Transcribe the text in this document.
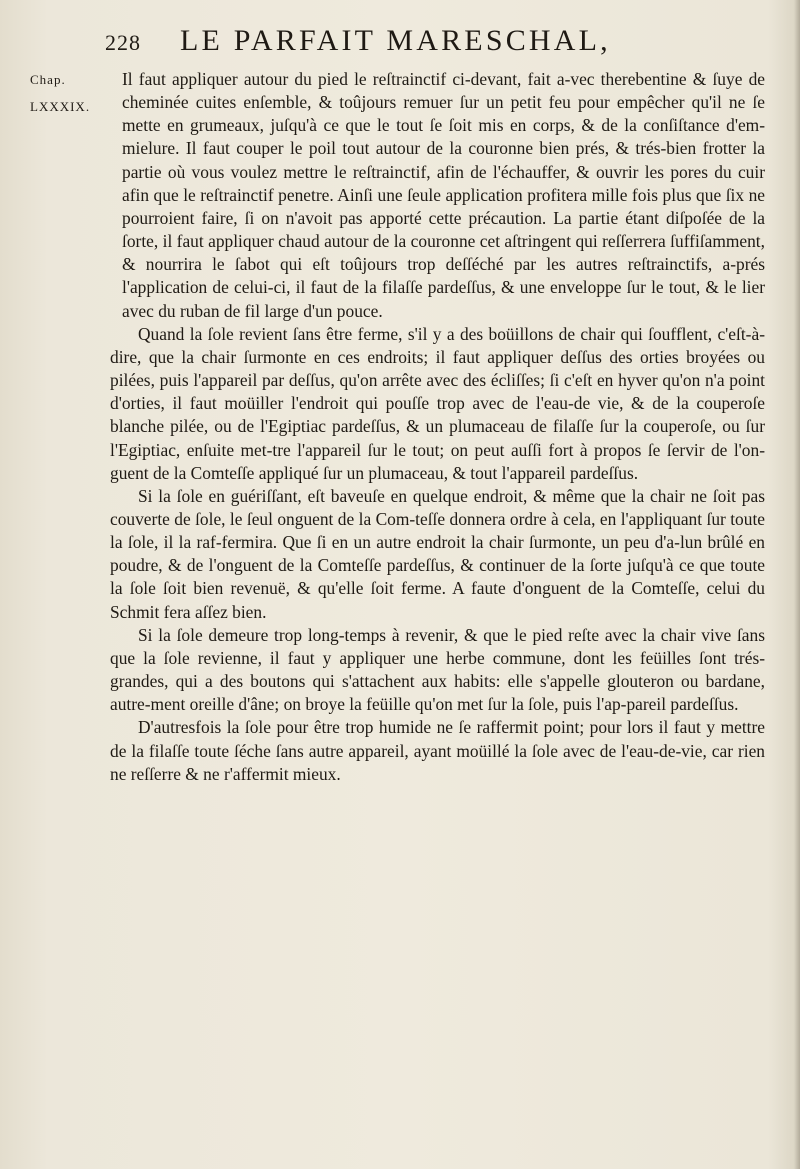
228 LE PARFAIT MARESCHAL,
Chap.
LXXXIX.

Il faut appliquer autour du pied le reſtrainctif ci-devant, fait a-vec therebentine & ſuye de cheminée cuites enſemble, & toûjours remuer ſur un petit feu pour empêcher qu'il ne ſe mette en grumeaux, juſqu'à ce que le tout ſe ſoit mis en corps, & de la conſiſtance d'em-mielure. Il faut couper le poil tout autour de la couronne bien prés, & trés-bien frotter la partie où vous voulez mettre le reſtrainctif, afin de l'échauffer, & ouvrir les pores du cuir afin que le reſtrainctif penetre. Ainſi une ſeule application profitera mille fois plus que ſix ne pourroient faire, ſi on n'avoit pas apporté cette précaution. La partie étant diſpoſée de la ſorte, il faut appliquer chaud autour de la couronne cet aſtringent qui reſſerrera ſuffiſamment, & nourrira le ſabot qui eſt toûjours trop deſſéché par les autres reſtrainctifs, a-prés l'application de celui-ci, il faut de la filaſſe pardeſſus, & une enveloppe ſur le tout, & le lier avec du ruban de fil large d'un pouce.

Quand la ſole revient ſans être ferme, s'il y a des boüillons de chair qui ſoufflent, c'eſt-à-dire, que la chair ſurmonte en ces endroits; il faut appliquer deſſus des orties broyées ou pilées, puis l'appareil par deſſus, qu'on arrête avec des écliſſes; ſi c'eſt en hyver qu'on n'a point d'orties, il faut moüiller l'endroit qui pouſſe trop avec de l'eau-de vie, & de la couperoſe blanche pilée, ou de l'Egiptiac pardeſſus, & un plumaceau de filaſſe ſur la couperoſe, ou ſur l'Egiptiac, enſuite met-tre l'appareil ſur le tout; on peut auſſi fort à propos ſe ſervir de l'on-guent de la Comteſſe appliqué ſur un plumaceau, & tout l'appareil pardeſſus.

Si la ſole en guériſſant, eſt baveuſe en quelque endroit, & même que la chair ne ſoit pas couverte de ſole, le ſeul onguent de la Com-teſſe donnera ordre à cela, en l'appliquant ſur toute la ſole, il la raf-fermira. Que ſi en un autre endroit la chair ſurmonte, un peu d'a-lun brûlé en poudre, & de l'onguent de la Comteſſe pardeſſus, & continuer de la ſorte juſqu'à ce que toute la ſole ſoit bien revenuë, & qu'elle ſoit ferme. A faute d'onguent de la Comteſſe, celui du Schmit fera aſſez bien.

Si la ſole demeure trop long-temps à revenir, & que le pied reſte avec la chair vive ſans que la ſole revienne, il faut y appliquer une herbe commune, dont les feüilles ſont trés-grandes, qui a des boutons qui s'attachent aux habits: elle s'appelle glouteron ou bardane, autre-ment oreille d'âne; on broye la feüille qu'on met ſur la ſole, puis l'ap-pareil pardeſſus.

D'autresfois la ſole pour être trop humide ne ſe raffermit point; pour lors il faut y mettre de la filaſſe toute ſéche ſans autre appareil, ayant moüillé la ſole avec de l'eau-de-vie, car rien ne reſſerre & ne r'affermit mieux.
